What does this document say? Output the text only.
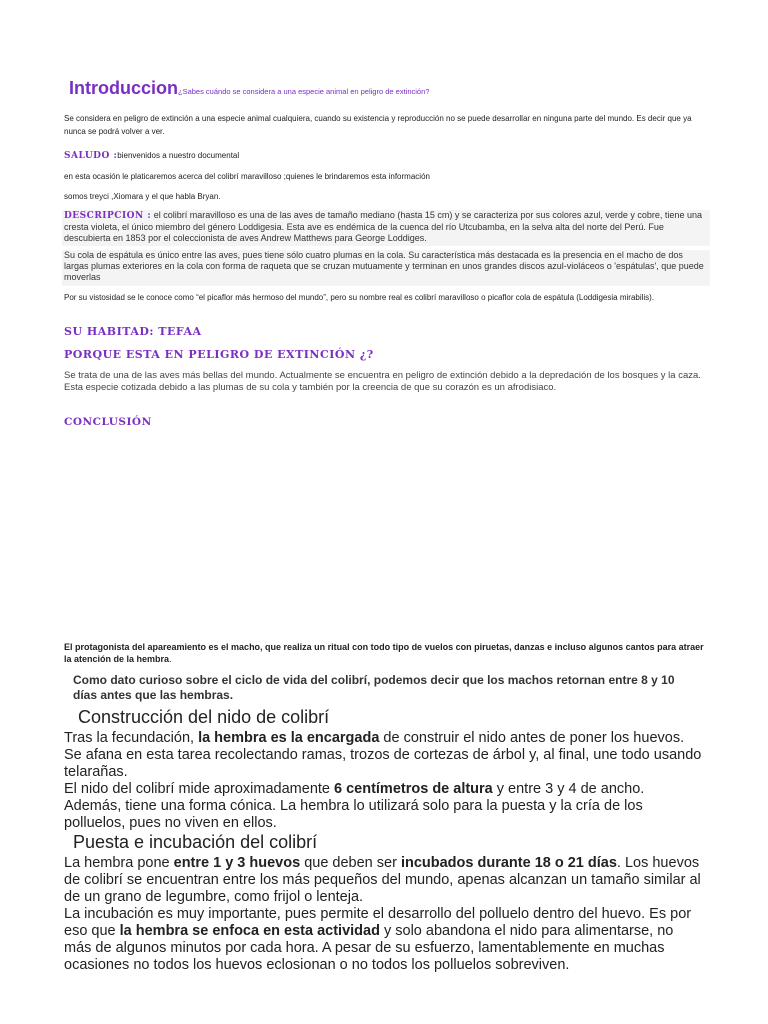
Introduccion¿Sabes cuándo se considera a una especie animal en peligro de extinción?
Se considera en peligro de extinción a una especie animal cualquiera, cuando su existencia y reproducción no se puede desarrollar en ninguna parte del mundo. Es decir que ya nunca se podrá volver a ver.
SALUDO :bienvenidos a nuestro documental
en esta ocasión le platicaremos acerca del colibrí maravilloso ;quienes le brindaremos esta información
somos treyci ,Xiomara y el que habla Bryan.
DESCRIPCION : el colibrí maravilloso es una de las aves de tamaño mediano (hasta 15 cm) y se caracteriza por sus colores azul, verde y cobre, tiene una cresta violeta, el único miembro del género Loddigesia. Esta ave es endémica de la cuenca del río Utcubamba, en la selva alta del norte del Perú. Fue descubierta en 1853 por el coleccionista de aves Andrew Matthews para George Loddiges.
Su cola de espátula es único entre las aves, pues tiene sólo cuatro plumas en la cola. Su característica más destacada es la presencia en el macho de dos largas plumas exteriores en la cola con forma de raqueta que se cruzan mutuamente y terminan en unos grandes discos azul-violáceos o 'espátulas', que puede moverlas
Por su vistosidad se le conoce como “el picaflor más hermoso del mundo”, pero su nombre real es colibrí maravilloso o picaflor cola de espátula (Loddigesia mirabilis).
SU HABITAD: TEFAA
PORQUE ESTA EN PELIGRO DE EXTINCIÓN ¿?
Se trata de una de las aves más bellas del mundo. Actualmente se encuentra en peligro de extinción debido a la depredación de los bosques y la caza. Esta especie cotizada debido a las plumas de su cola y también por la creencia de que su corazón es un afrodisiaco.
CONCLUSIÓN
El protagonista del apareamiento es el macho, que realiza un ritual con todo tipo de vuelos con piruetas, danzas e incluso algunos cantos para atraer la atención de la hembra.
Como dato curioso sobre el ciclo de vida del colibrí, podemos decir que los machos retornan entre 8 y 10 días antes que las hembras.
Construcción del nido de colibrí
Tras la fecundación, la hembra es la encargada de construir el nido antes de poner los huevos. Se afana en esta tarea recolectando ramas, trozos de cortezas de árbol y, al final, une todo usando telarañas.
El nido del colibrí mide aproximadamente 6 centímetros de altura y entre 3 y 4 de ancho. Además, tiene una forma cónica. La hembra lo utilizará solo para la puesta y la cría de los polluelos, pues no viven en ellos.
Puesta e incubación del colibrí
La hembra pone entre 1 y 3 huevos que deben ser incubados durante 18 o 21 días. Los huevos de colibrí se encuentran entre los más pequeños del mundo, apenas alcanzan un tamaño similar al de un grano de legumbre, como frijol o lenteja.
La incubación es muy importante, pues permite el desarrollo del polluelo dentro del huevo. Es por eso que la hembra se enfoca en esta actividad y solo abandona el nido para alimentarse, no más de algunos minutos por cada hora. A pesar de su esfuerzo, lamentablemente en muchas ocasiones no todos los huevos eclosionan o no todos los polluelos sobreviven.
